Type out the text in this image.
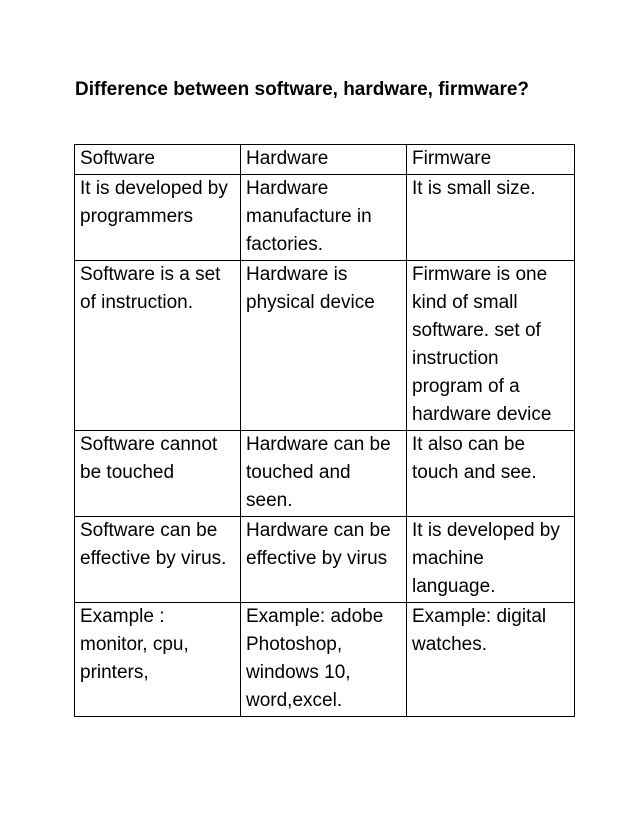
Difference between software, hardware, firmware?
Software	Hardware	Firmware
It is developed by programmers	Hardware manufacture in factories.	It is small size.
Software is a set of instruction.	Hardware is physical device	Firmware is one kind of small software. set of instruction program of a hardware device
Software cannot be touched	Hardware can be touched and seen.	It also can be touch and see.
Software can be effective by virus.	Hardware can be effective by virus	It is developed by machine language.
Example : monitor, cpu, printers,	Example: adobe Photoshop, windows 10, word,excel.	Example: digital watches.
